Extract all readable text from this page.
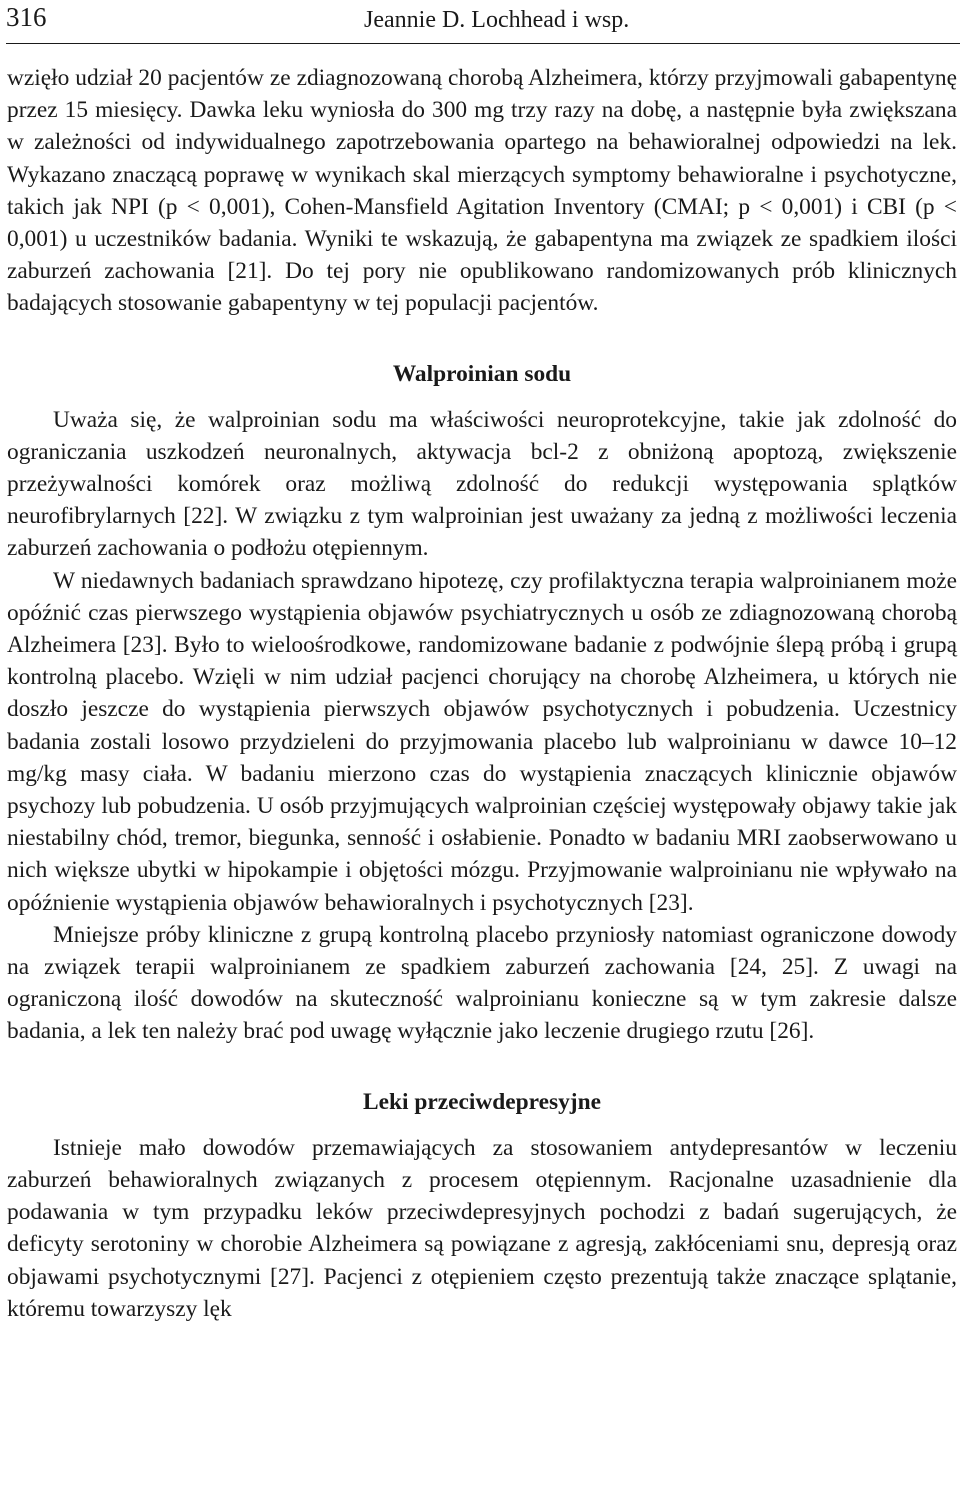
316	Jeannie D. Lochhead i wsp.

wzięło udział 20 pacjentów ze zdiagnozowaną chorobą Alzheimera, którzy przyjmowali gabapentynę przez 15 miesięcy. Dawka leku wyniosła do 300 mg trzy razy na dobę, a następnie była zwiększana w zależności od indywidualnego zapotrzebowania opartego na behawioralnej odpowiedzi na lek. Wykazano znaczącą poprawę w wynikach skal mierzących symptomy behawioralne i psychotyczne, takich jak NPI (p < 0,001), Cohen-Mansfield Agitation Inventory (CMAI; p < 0,001) i CBI (p < 0,001) u uczestników badania. Wyniki te wskazują, że gabapentyna ma związek ze spadkiem ilości zaburzeń zachowania [21]. Do tej pory nie opublikowano randomizowanych prób klinicznych badających stosowanie gabapentyny w tej populacji pacjentów.

Walproinian sodu

Uważa się, że walproinian sodu ma właściwości neuroprotekcyjne, takie jak zdolność do ograniczania uszkodzeń neuronalnych, aktywacja bcl-2 z obniżoną apoptozą, zwiększenie przeżywalności komórek oraz możliwą zdolność do redukcji występowania splątków neurofibrylarnych [22]. W związku z tym walproinian jest uważany za jedną z możliwości leczenia zaburzeń zachowania o podłożu otępiennym.

W niedawnych badaniach sprawdzano hipotezę, czy profilaktyczna terapia walproinianem może opóźnić czas pierwszego wystąpienia objawów psychiatrycznych u osób ze zdiagnozowaną chorobą Alzheimera [23]. Było to wieloośrodkowe, randomizowane badanie z podwójnie ślepą próbą i grupą kontrolną placebo. Wzięli w nim udział pacjenci chorujący na chorobę Alzheimera, u których nie doszło jeszcze do wystąpienia pierwszych objawów psychotycznych i pobudzenia. Uczestnicy badania zostali losowo przydzieleni do przyjmowania placebo lub walproinianu w dawce 10–12 mg/kg masy ciała. W badaniu mierzono czas do wystąpienia znaczących klinicznie objawów psychozy lub pobudzenia. U osób przyjmujących walproinian częściej występowały objawy takie jak niestabilny chód, tremor, biegunka, senność i osłabienie. Ponadto w badaniu MRI zaobserwowano u nich większe ubytki w hipokampie i objętości mózgu. Przyjmowanie walproinianu nie wpływało na opóźnienie wystąpienia objawów behawioralnych i psychotycznych [23].

Mniejsze próby kliniczne z grupą kontrolną placebo przyniosły natomiast ograniczone dowody na związek terapii walproinianem ze spadkiem zaburzeń zachowania [24, 25]. Z uwagi na ograniczoną ilość dowodów na skuteczność walproinianu konieczne są w tym zakresie dalsze badania, a lek ten należy brać pod uwagę wyłącznie jako leczenie drugiego rzutu [26].

Leki przeciwdepresyjne

Istnieje mało dowodów przemawiających za stosowaniem antydepresantów w leczeniu zaburzeń behawioralnych związanych z procesem otępiennym. Racjonalne uzasadnienie dla podawania w tym przypadku leków przeciwdepresyjnych pochodzi z badań sugerujących, że deficyty serotoniny w chorobie Alzheimera są powiązane z agresją, zakłóceniami snu, depresją oraz objawami psychotycznymi [27]. Pacjenci z otępieniem często prezentują także znaczące splątanie, któremu towarzyszy lęk
